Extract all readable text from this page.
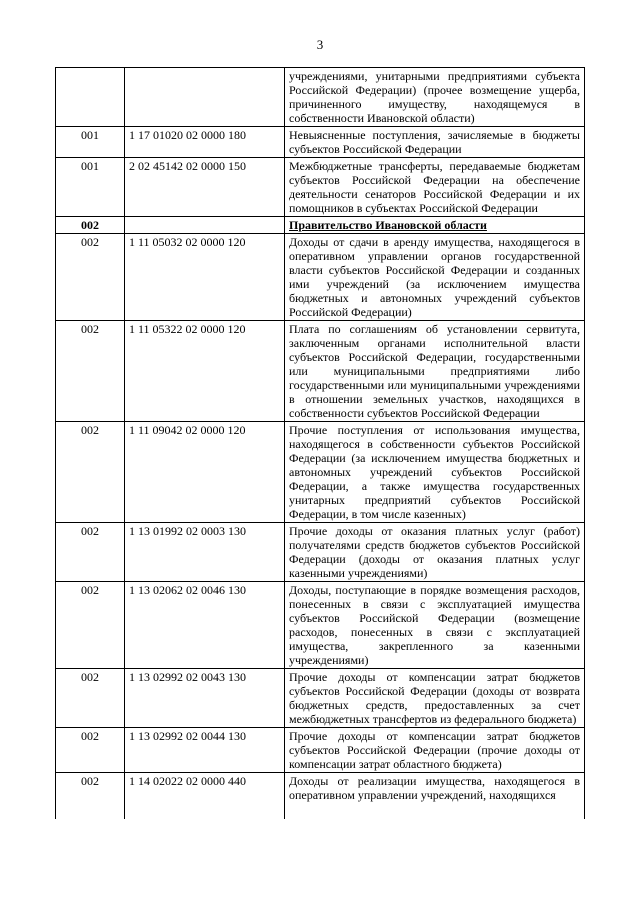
3
		учреждениями, унитарными предприятиями субъекта Российской Федерации) (прочее возмещение ущерба, причиненного имуществу, находящемуся в собственности Ивановской области)
001	1 17 01020 02 0000 180	Невыясненные поступления, зачисляемые в бюджеты субъектов Российской Федерации
001	2 02 45142 02 0000 150	Межбюджетные трансферты, передаваемые бюджетам субъектов Российской Федерации на обеспечение деятельности сенаторов Российской Федерации и их помощников в субъектах Российской Федерации
002		Правительство Ивановской области
002	1 11 05032 02 0000 120	Доходы от сдачи в аренду имущества, находящегося в оперативном управлении органов государственной власти субъектов Российской Федерации и созданных ими учреждений (за исключением имущества бюджетных и автономных учреждений субъектов Российской Федерации)
002	1 11 05322 02 0000 120	Плата по соглашениям об установлении сервитута, заключенным органами исполнительной власти субъектов Российской Федерации, государственными или муниципальными предприятиями либо государственными или муниципальными учреждениями в отношении земельных участков, находящихся в собственности субъектов Российской Федерации
002	1 11 09042 02 0000 120	Прочие поступления от использования имущества, находящегося в собственности субъектов Российской Федерации (за исключением имущества бюджетных и автономных учреждений субъектов Российской Федерации, а также имущества государственных унитарных предприятий субъектов Российской Федерации, в том числе казенных)
002	1 13 01992 02 0003 130	Прочие доходы от оказания платных услуг (работ) получателями средств бюджетов субъектов Российской Федерации (доходы от оказания платных услуг казенными учреждениями)
002	1 13 02062 02 0046 130	Доходы, поступающие в порядке возмещения расходов, понесенных в связи с эксплуатацией имущества субъектов Российской Федерации (возмещение расходов, понесенных в связи с эксплуатацией имущества, закрепленного за казенными учреждениями)
002	1 13 02992 02 0043 130	Прочие доходы от компенсации затрат бюджетов субъектов Российской Федерации (доходы от возврата бюджетных средств, предоставленных за счет межбюджетных трансфертов из федерального бюджета)
002	1 13 02992 02 0044 130	Прочие доходы от компенсации затрат бюджетов субъектов Российской Федерации (прочие доходы от компенсации затрат областного бюджета)
002	1 14 02022 02 0000 440	Доходы от реализации имущества, находящегося в оперативном управлении учреждений, находящихся
